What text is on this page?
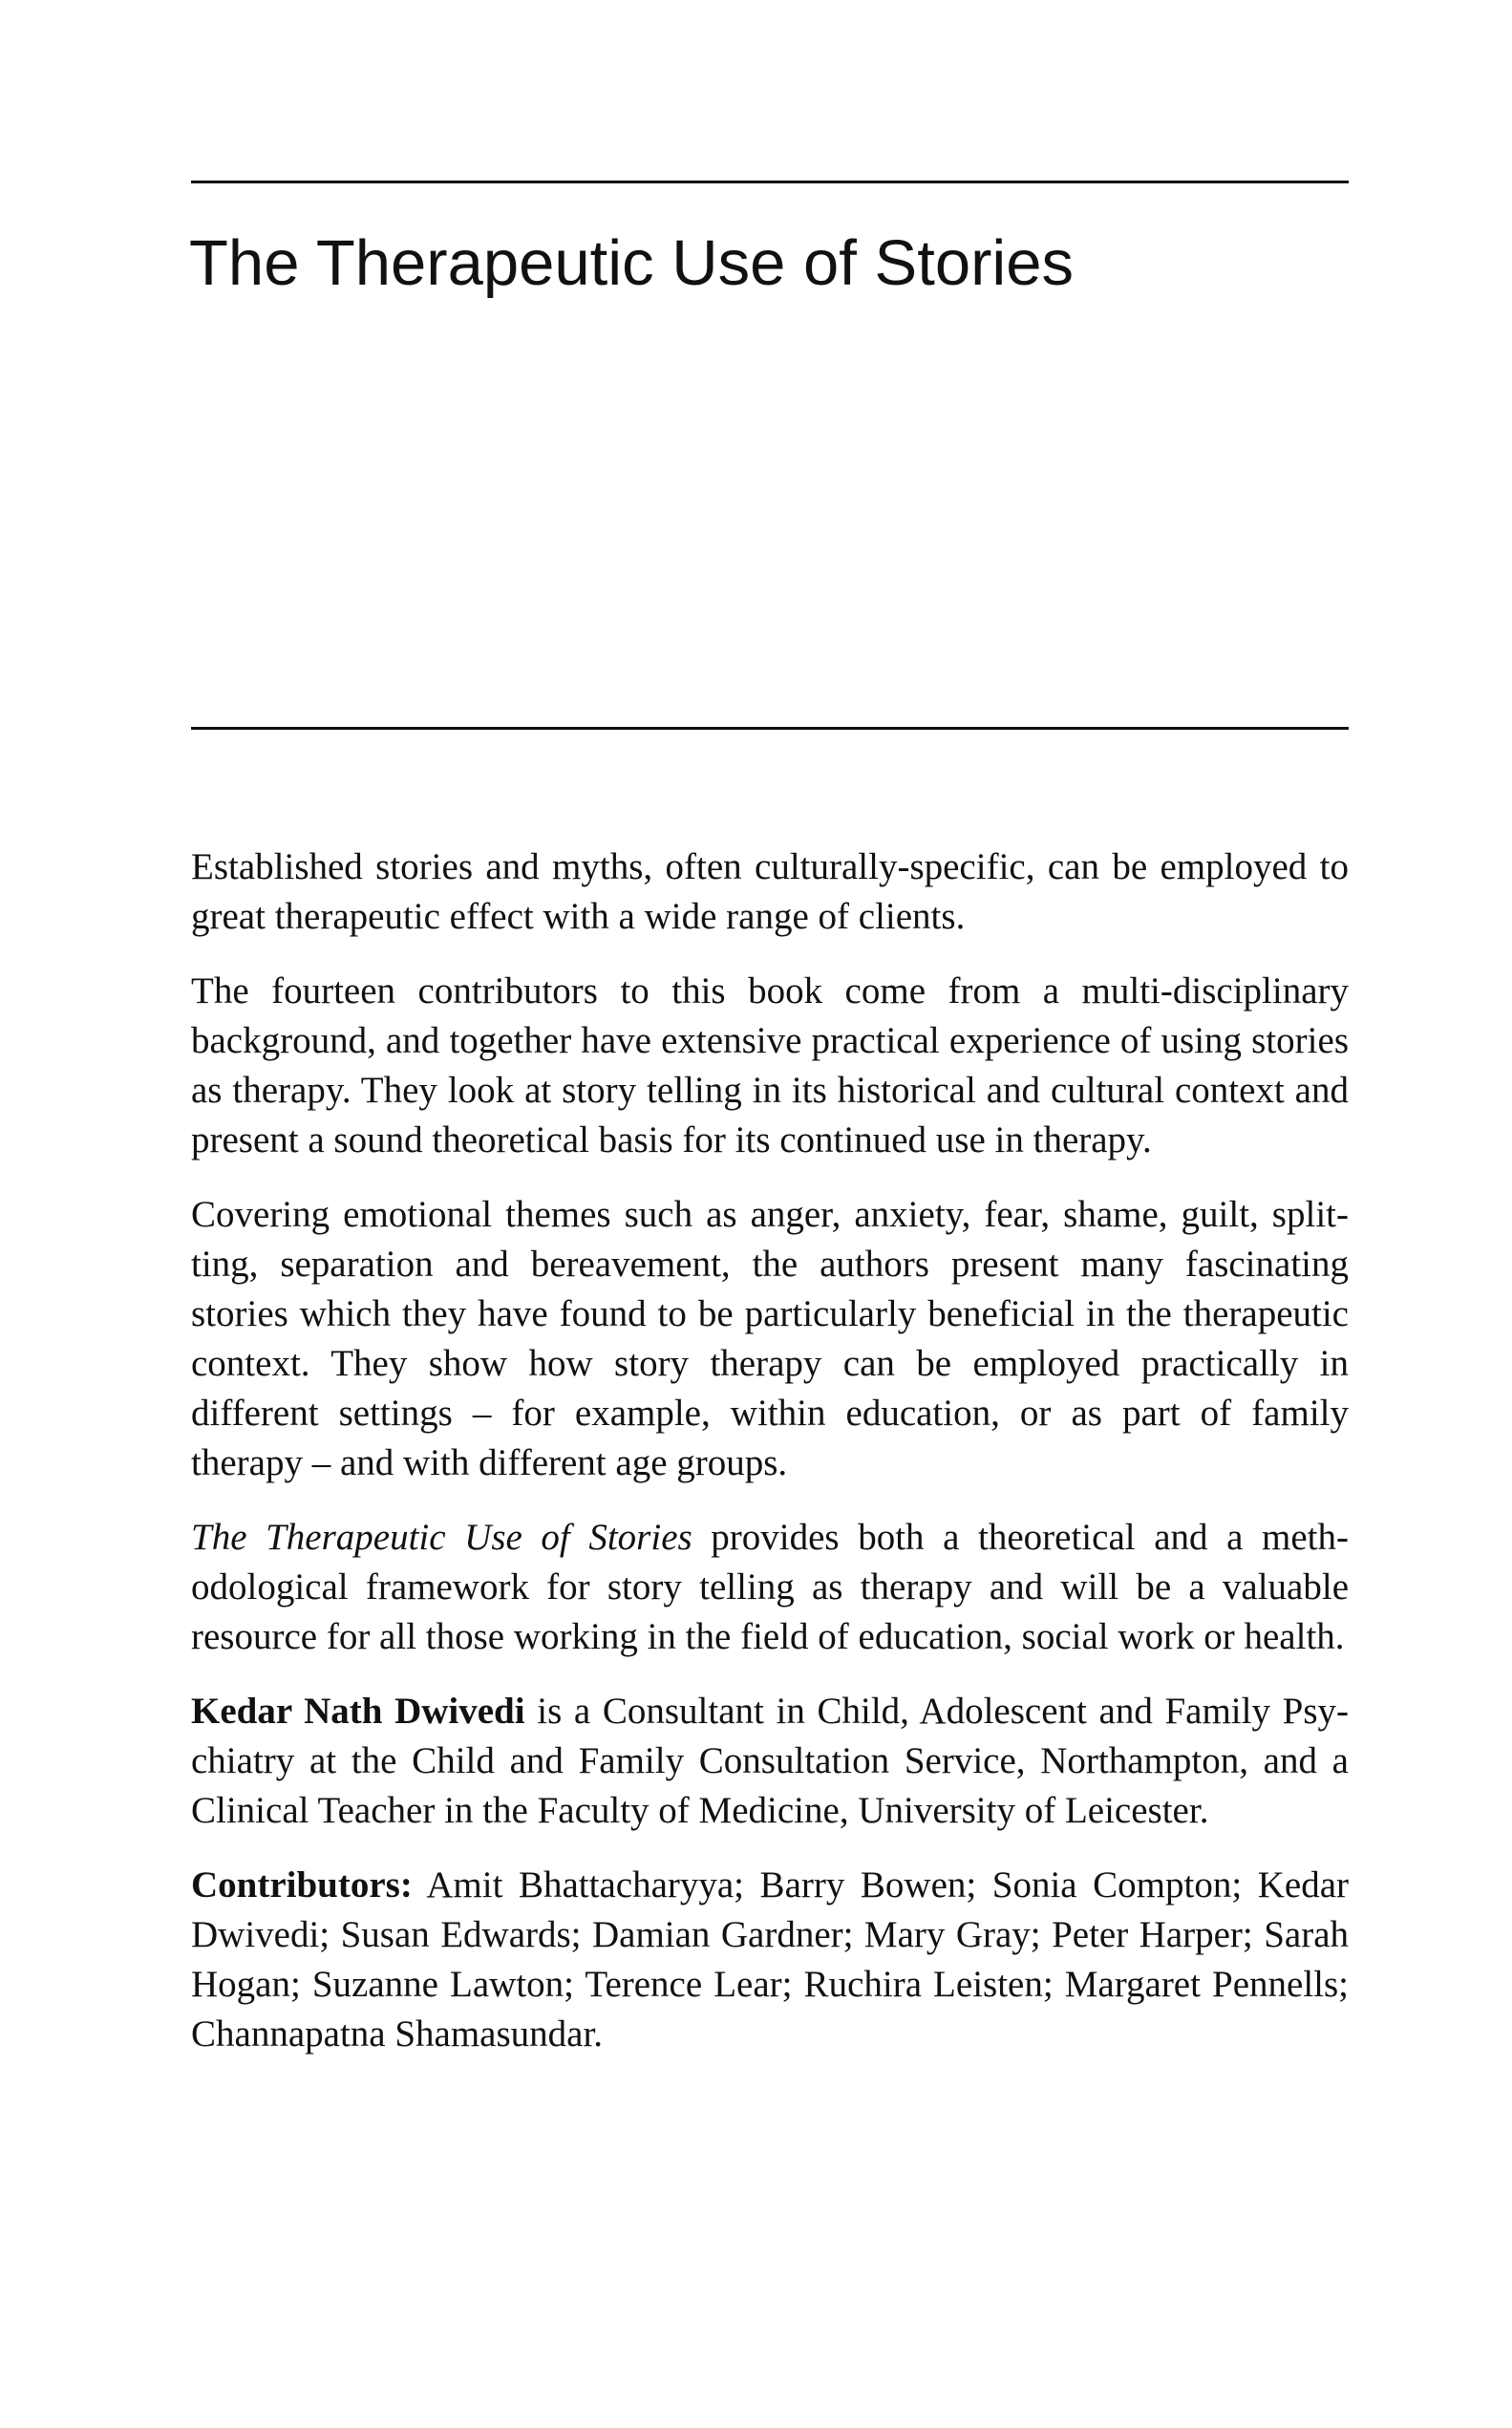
The Therapeutic Use of Stories

Established stories and myths, often culturally-specific, can be employed to great therapeutic effect with a wide range of clients.

The fourteen contributors to this book come from a multi-disciplinary background, and together have extensive practical experience of using stories as therapy. They look at story telling in its historical and cultural context and present a sound theoretical basis for its continued use in therapy.

Covering emotional themes such as anger, anxiety, fear, shame, guilt, splitting, separation and bereavement, the authors present many fascinating stories which they have found to be particularly beneficial in the therapeutic context. They show how story therapy can be employed practically in different settings – for example, within education, or as part of family therapy – and with different age groups.

The Therapeutic Use of Stories provides both a theoretical and a methodological framework for story telling as therapy and will be a valuable resource for all those working in the field of education, social work or health.

Kedar Nath Dwivedi is a Consultant in Child, Adolescent and Family Psychiatry at the Child and Family Consultation Service, Northampton, and a Clinical Teacher in the Faculty of Medicine, University of Leicester.

Contributors: Amit Bhattacharyya; Barry Bowen; Sonia Compton; Kedar Dwivedi; Susan Edwards; Damian Gardner; Mary Gray; Peter Harper; Sarah Hogan; Suzanne Lawton; Terence Lear; Ruchira Leisten; Margaret Pennells; Channapatna Shamasundar.
